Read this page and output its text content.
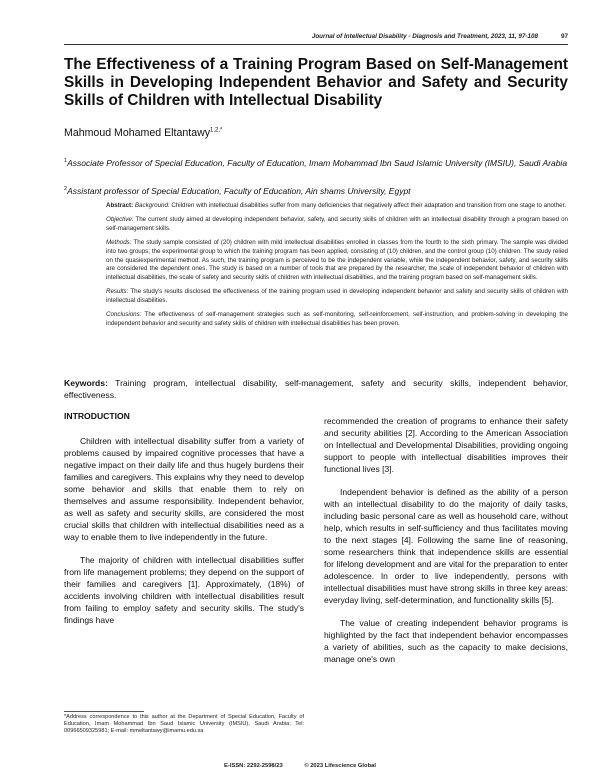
Journal of Intellectual Disability - Diagnosis and Treatment, 2023, 11, 97-108	97
The Effectiveness of a Training Program Based on Self-Management Skills in Developing Independent Behavior and Safety and Security Skills of Children with Intellectual Disability
Mahmoud Mohamed Eltantawy$^{1,2,*}$
$^1$Associate Professor of Special Education, Faculty of Education, Imam Mohammad Ibn Saud Islamic University (IMSIU), Saudi Arabia
$^2$Assistant professor of Special Education, Faculty of Education, Ain shams University, Egypt

Abstract: Background: Children with intellectual disabilities suffer from many deficiencies that negatively affect their adaptation and transition from one stage to another.

Objective: The current study aimed at developing independent behavior, safety, and security skills of children with an intellectual disability through a program based on self-management skills.

Methods: The study sample consisted of (20) children with mild intellectual disabilities enrolled in classes from the fourth to the sixth primary. The sample was divided into two groups; the experimental group to which the training program has been applied, consisting of (10) children, and the control group (10) children. The study relied on the quasiexperimental method. As such, the training program is perceived to be the independent variable, while the independent behavior, safety, and security skills are considered the dependent ones. The study is based on a number of tools that are prepared by the researcher, the scale of independent behavior of children with intellectual disabilities, the scale of safety and security skills of children with intellectual disabilities, and the training program based on self-management skills.

Results: The study's results disclosed the effectiveness of the training program used in developing independent behavior and safety and security skills of children with intellectual disabilities.

Conclusions: The effectiveness of self-management strategies such as self-monitoring, self-reinforcement, self-instruction, and problem-solving in developing the independent behavior and security and safety skills of children with intellectual disabilities has been proven.

Keywords: Training program, intellectual disability, self-management, safety and security skills, independent behavior, effectiveness.
INTRODUCTION

Children with intellectual disability suffer from a variety of problems caused by impaired cognitive processes that have a negative impact on their daily life and thus hugely burdens their families and caregivers. This explains why they need to develop some behavior and skills that enable them to rely on themselves and assume responsibility. Independent behavior, as well as safety and security skills, are considered the most crucial skills that children with intellectual disabilities need as a way to enable them to live independently in the future.

The majority of children with intellectual disabilities suffer from life management problems; they depend on the support of their families and caregivers [1]. Approximately, (18%) of accidents involving children with intellectual disabilities result from failing to employ safety and security skills. The study's findings have

recommended the creation of programs to enhance their safety and security abilities [2]. According to the American Association on Intellectual and Developmental Disabilities, providing ongoing support to people with intellectual disabilities improves their functional lives [3].

Independent behavior is defined as the ability of a person with an intellectual disability to do the majority of daily tasks, including basic personal care as well as household care, without help, which results in self-sufficiency and thus facilitates moving to the next stages [4]. Following the same line of reasoning, some researchers think that independence skills are essential for lifelong development and are vital for the preparation to enter adolescence. In order to live independently, persons with intellectual disabilities must have strong skills in three key areas: everyday living, self-determination, and functionality skills [5].

The value of creating independent behavior programs is highlighted by the fact that independent behavior encompasses a variety of abilities, such as the capacity to make decisions, manage one's own

*Address correspondence to this author at the Department of Special Education, Faculty of Education, Imam Mohammad Ibn Saud Islamic University (IMSIU), Saudi Arabia; Tel: 00966509325981; E-mail: mmeltantawy@imamu.edu.sa
E-ISSN: 2292-2598/23	© 2023 Lifescience Global
